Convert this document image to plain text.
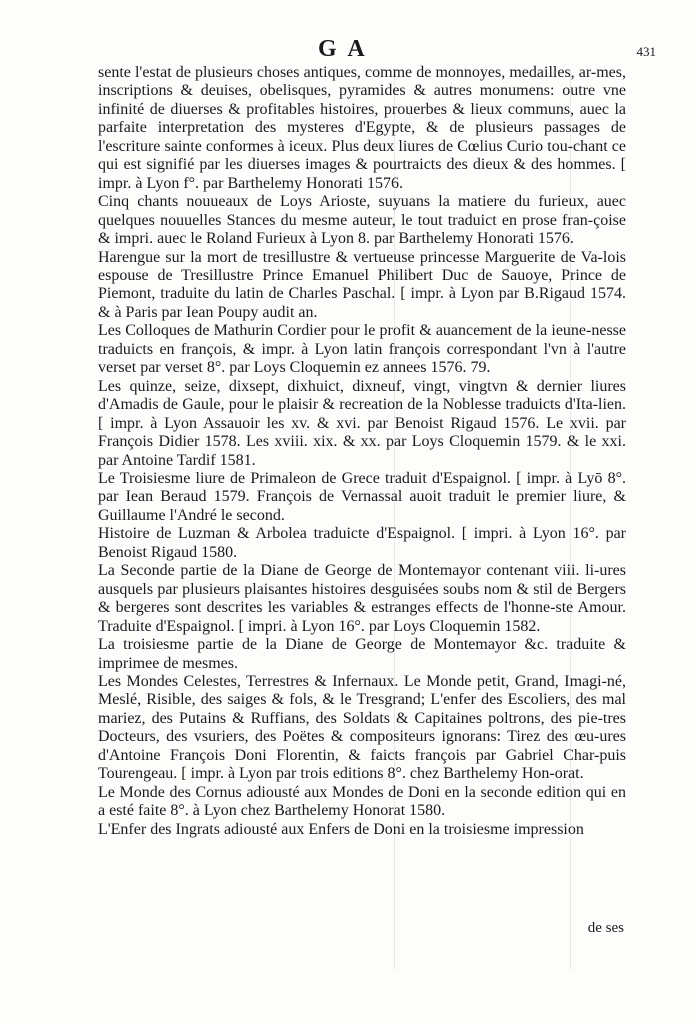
G A	431

sente l'estat de plusieurs choses antiques, comme de monnoyes, medailles, ar-mes, inscriptions & deuises, obelisques, pyramides & autres monumens: outre vne infinité de diuerses & profitables histoires, prouerbes & lieux communs, auec la parfaite interpretation des mysteres d'Egypte, & de plusieurs passages de l'escriture sainte conformes à iceux. Plus deux liures de Cœlius Curio tou-chant ce qui est signifié par les diuerses images & pourtraicts des dieux & des hommes. [ impr. à Lyon f°. par Barthelemy Honorati 1576.

Cinq chants nouueaux de Loys Arioste, suyuans la matiere du furieux, auec quelques nouuelles Stances du mesme auteur, le tout traduict en prose fran-çoise & impri. auec le Roland Furieux à Lyon 8. par Barthelemy Honorati 1576.

Harengue sur la mort de tresillustre & vertueuse princesse Marguerite de Va-lois espouse de Tresillustre Prince Emanuel Philibert Duc de Sauoye, Prince de Piemont, traduite du latin de Charles Paschal. [ impr. à Lyon par B.Rigaud 1574. & à Paris par Iean Poupy audit an.

Les Colloques de Mathurin Cordier pour le profit & auancement de la ieune-nesse traduicts en françois, & impr. à Lyon latin françois correspondant l'vn à l'autre verset par verset 8°. par Loys Cloquemin ez annees 1576. 79.

Les quinze, seize, dixsept, dixhuict, dixneuf, vingt, vingtvn & dernier liures d'Amadis de Gaule, pour le plaisir & recreation de la Noblesse traduicts d'Ita-lien. [ impr. à Lyon Assauoir les xv. & xvi. par Benoist Rigaud 1576. Le xvii. par François Didier 1578. Les xviii. xix. & xx. par Loys Cloquemin 1579. & le xxi. par Antoine Tardif 1581.

Le Troisiesme liure de Primaleon de Grece traduit d'Espaignol. [ impr. à Lyō 8°. par Iean Beraud 1579. François de Vernassal auoit traduit le premier liure, & Guillaume l'André le second.

Histoire de Luzman & Arbolea traduicte d'Espaignol. [ impri. à Lyon 16°. par Benoist Rigaud 1580.

La Seconde partie de la Diane de George de Montemayor contenant viii. li-ures ausquels par plusieurs plaisantes histoires desguisées soubs nom & stil de Bergers & bergeres sont descrites les variables & estranges effects de l'honne-ste Amour. Traduite d'Espaignol. [ impri. à Lyon 16°. par Loys Cloquemin 1582.

La troisiesme partie de la Diane de George de Montemayor &c. traduite & imprimee de mesmes.

Les Mondes Celestes, Terrestres & Infernaux. Le Monde petit, Grand, Imagi-né, Meslé, Risible, des saiges & fols, & le Tresgrand; L'enfer des Escoliers, des mal mariez, des Putains & Ruffians, des Soldats & Capitaines poltrons, des pie-tres Docteurs, des vsuriers, des Poëtes & compositeurs ignorans: Tirez des œu-ures d'Antoine François Doni Florentin, & faicts françois par Gabriel Char-puis Tourengeau. [ impr. à Lyon par trois editions 8°. chez Barthelemy Hon-orat.

Le Monde des Cornus adiousté aux Mondes de Doni en la seconde edition qui en a esté faite 8°. à Lyon chez Barthelemy Honorat 1580.

L'Enfer des Ingrats adiousté aux Enfers de Doni en la troisiesme impression

de ses
